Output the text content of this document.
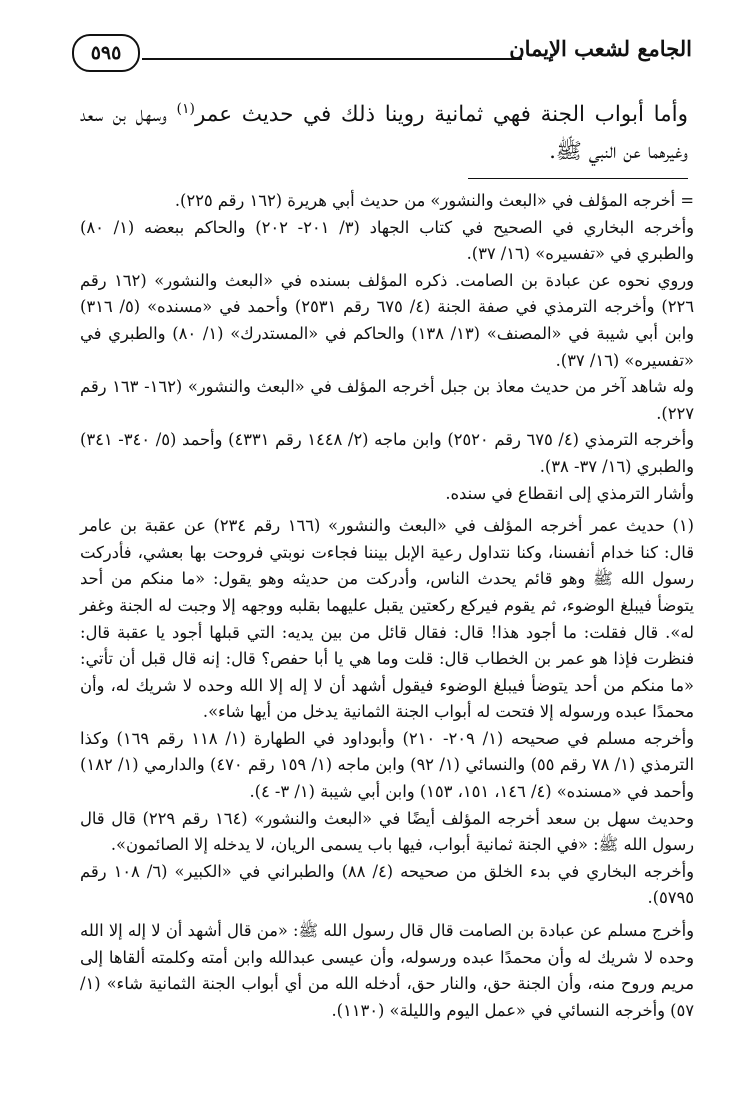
الجامع لشعب الإيمان
٥٩٥

وأما أبواب الجنة فهي ثمانية روينا ذلك في حديث عمر$^{(١)}$ وسهل بن سعد وغيرهما عن النبي ﷺ.

= أخرجه المؤلف في «البعث والنشور» من حديث أبي هريرة (١٦٢ رقم ٢٢٥).

وأخرجه البخاري في الصحيح في كتاب الجهاد (٣/ ٢٠١- ٢٠٢) والحاكم ببعضه (١/ ٨٠) والطبري في «تفسيره» (١٦/ ٣٧).

وروي نحوه عن عبادة بن الصامت. ذكره المؤلف بسنده في «البعث والنشور» (١٦٢ رقم ٢٢٦) وأخرجه الترمذي في صفة الجنة (٤/ ٦٧٥ رقم ٢٥٣١) وأحمد في «مسنده» (٥/ ٣١٦) وابن أبي شيبة في «المصنف» (١٣/ ١٣٨) والحاكم في «المستدرك» (١/ ٨٠) والطبري في «تفسيره» (١٦/ ٣٧).

وله شاهد آخر من حديث معاذ بن جبل أخرجه المؤلف في «البعث والنشور» (١٦٢- ١٦٣ رقم ٢٢٧).

وأخرجه الترمذي (٤/ ٦٧٥ رقم ٢٥٢٠) وابن ماجه (٢/ ١٤٤٨ رقم ٤٣٣١) وأحمد (٥/ ٣٤٠- ٣٤١) والطبري (١٦/ ٣٧- ٣٨).

وأشار الترمذي إلى انقطاع في سنده.

(١) حديث عمر أخرجه المؤلف في «البعث والنشور» (١٦٦ رقم ٢٣٤) عن عقبة بن عامر قال: كنا خدام أنفسنا، وكنا نتداول رعية الإبل بيننا فجاءت نوبتي فروحت بها بعشي، فأدركت رسول الله ﷺ وهو قائم يحدث الناس، وأدركت من حديثه وهو يقول: «ما منكم من أحد يتوضأ فيبلغ الوضوء، ثم يقوم فيركع ركعتين يقبل عليهما بقلبه ووجهه إلا وجبت له الجنة وغفر له». قال فقلت: ما أجود هذا! قال: فقال قائل من بين يديه: التي قبلها أجود يا عقبة قال: فنظرت فإذا هو عمر بن الخطاب قال: قلت وما هي يا أبا حفص؟ قال: إنه قال قبل أن تأتي: «ما منكم من أحد يتوضأ فيبلغ الوضوء فيقول أشهد أن لا إله إلا الله وحده لا شريك له، وأن محمدًا عبده ورسوله إلا فتحت له أبواب الجنة الثمانية يدخل من أيها شاء».

وأخرجه مسلم في صحيحه (١/ ٢٠٩- ٢١٠) وأبوداود في الطهارة (١/ ١١٨ رقم ١٦٩) وكذا الترمذي (١/ ٧٨ رقم ٥٥) والنسائي (١/ ٩٢) وابن ماجه (١/ ١٥٩ رقم ٤٧٠) والدارمي (١/ ١٨٢) وأحمد في «مسنده» (٤/ ١٤٦، ١٥١، ١٥٣) وابن أبي شيبة (١/ ٣- ٤).

وحديث سهل بن سعد أخرجه المؤلف أيضًا في «البعث والنشور» (١٦٤ رقم ٢٢٩) قال قال رسول الله ﷺ: «في الجنة ثمانية أبواب، فيها باب يسمى الريان، لا يدخله إلا الصائمون».

وأخرجه البخاري في بدء الخلق من صحيحه (٤/ ٨٨) والطبراني في «الكبير» (٦/ ١٠٨ رقم ٥٧٩٥).

وأخرج مسلم عن عبادة بن الصامت قال قال رسول الله ﷺ: «من قال أشهد أن لا إله إلا الله وحده لا شريك له وأن محمدًا عبده ورسوله، وأن عيسى عبدالله وابن أمته وكلمته ألقاها إلى مريم وروح منه، وأن الجنة حق، والنار حق، أدخله الله من أي أبواب الجنة الثمانية شاء» (١/ ٥٧) وأخرجه النسائي في «عمل اليوم والليلة» (١١٣٠).
